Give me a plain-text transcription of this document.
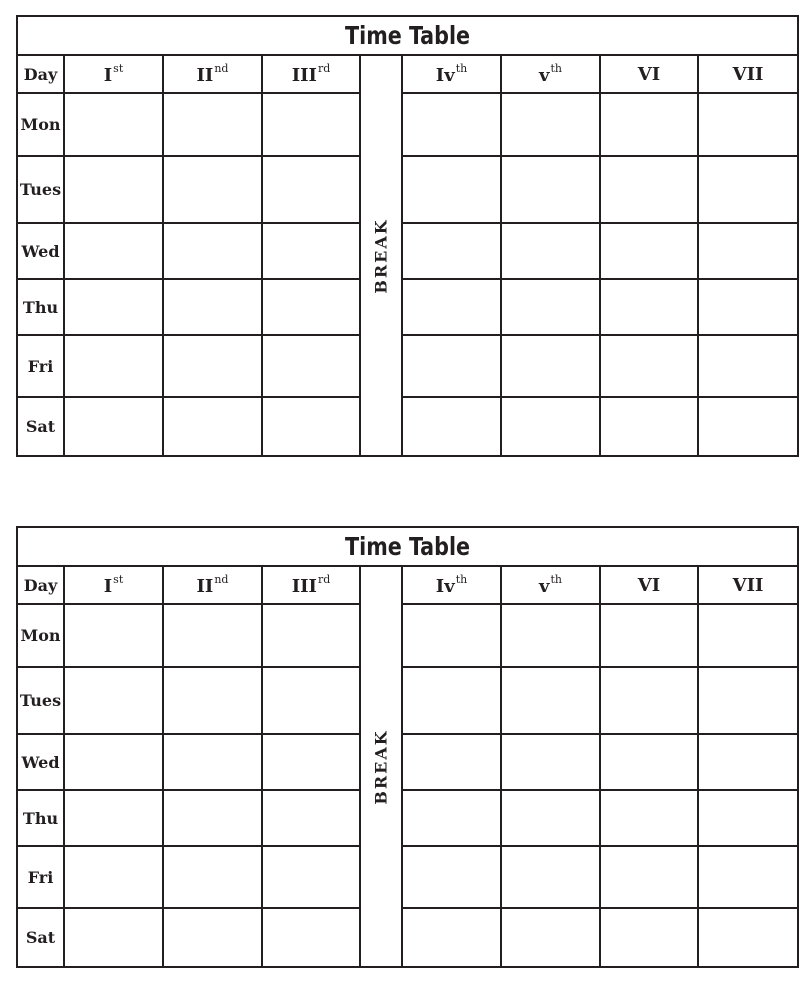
Time Table								
Day	Ist	IInd	IIIrd	BREAK	$Iv^{th}$	$v^{th}$	VI	VII
Mon								
Tues								
Wed								
Thu								
Fri								
Sat								
Time Table								
Day	Ist	IInd	IIIrd	BREAK	$Iv^{th}$	$v^{th}$	VI	VII
Mon								
Tues								
Wed								
Thu								
Fri								
Sat								
